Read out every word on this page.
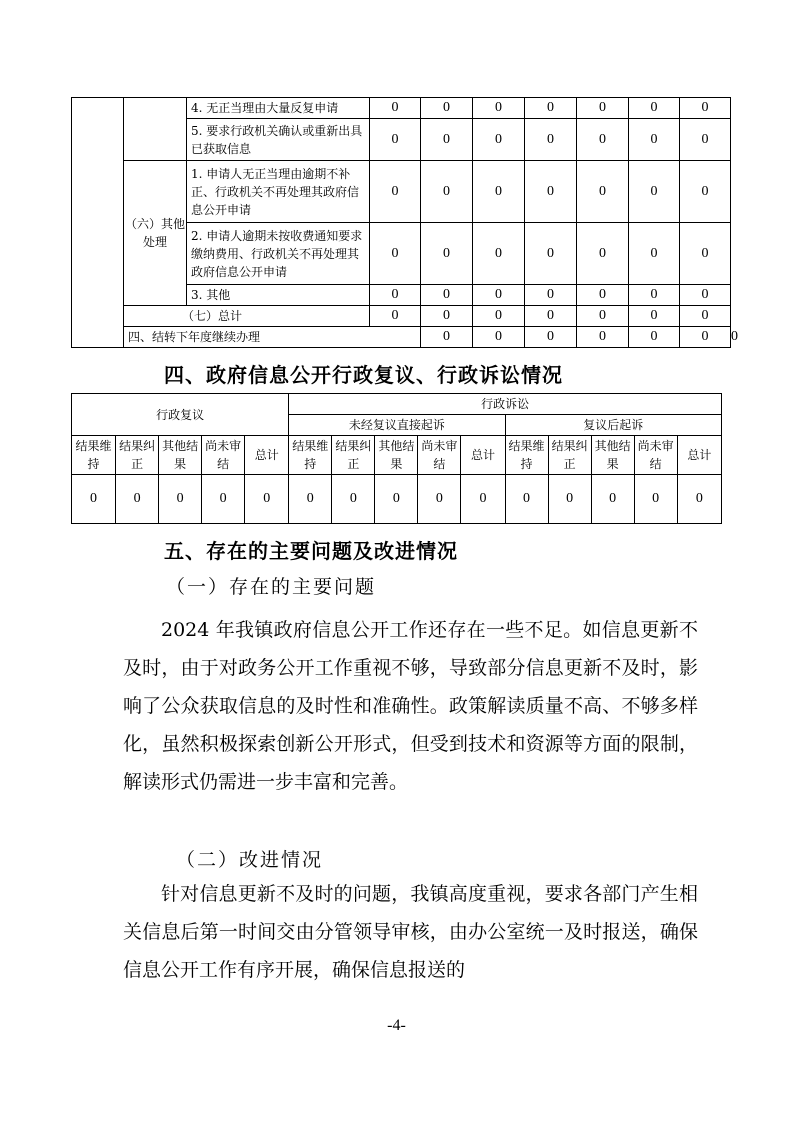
		4. 无正当理由大量反复申请	0	0	0	0	0	0	0	
		5. 要求行政机关确认或重新出具已获取信息	0	0	0	0	0	0	0	
	（六）其他处理	1. 申请人无正当理由逾期不补正、行政机关不再处理其政府信息公开申请	0	0	0	0	0	0	0	
		2. 申请人逾期未按收费通知要求缴纳费用、行政机关不再处理其政府信息公开申请	0	0	0	0	0	0	0	
		3. 其他	0	0	0	0	0	0	0	
	（七）总计		0	0	0	0	0	0	0	
	四、结转下年度继续办理			0	0	0	0	0	0	0
四、政府信息公开行政复议、行政诉讼情况
行政复议					行政诉讼									
					未经复议直接起诉					复议后起诉				
结果维持	结果纠正	其他结果	尚未审结	总计	结果维持	结果纠正	其他结果	尚未审结	总计	结果维持	结果纠正	其他结果	尚未审结	总计
0	0	0	0	0	0	0	0	0	0	0	0	0	0	0
五、存在的主要问题及改进情况
（一）存在的主要问题

2024 年我镇政府信息公开工作还存在一些不足。如信息更新不及时，由于对政务公开工作重视不够，导致部分信息更新不及时，影响了公众获取信息的及时性和准确性。政策解读质量不高、不够多样化，虽然积极探索创新公开形式，但受到技术和资源等方面的限制，解读形式仍需进一步丰富和完善。

（二）改进情况

针对信息更新不及时的问题，我镇高度重视，要求各部门产生相关信息后第一时间交由分管领导审核，由办公室统一及时报送，确保信息公开工作有序开展，确保信息报送的

-4-
